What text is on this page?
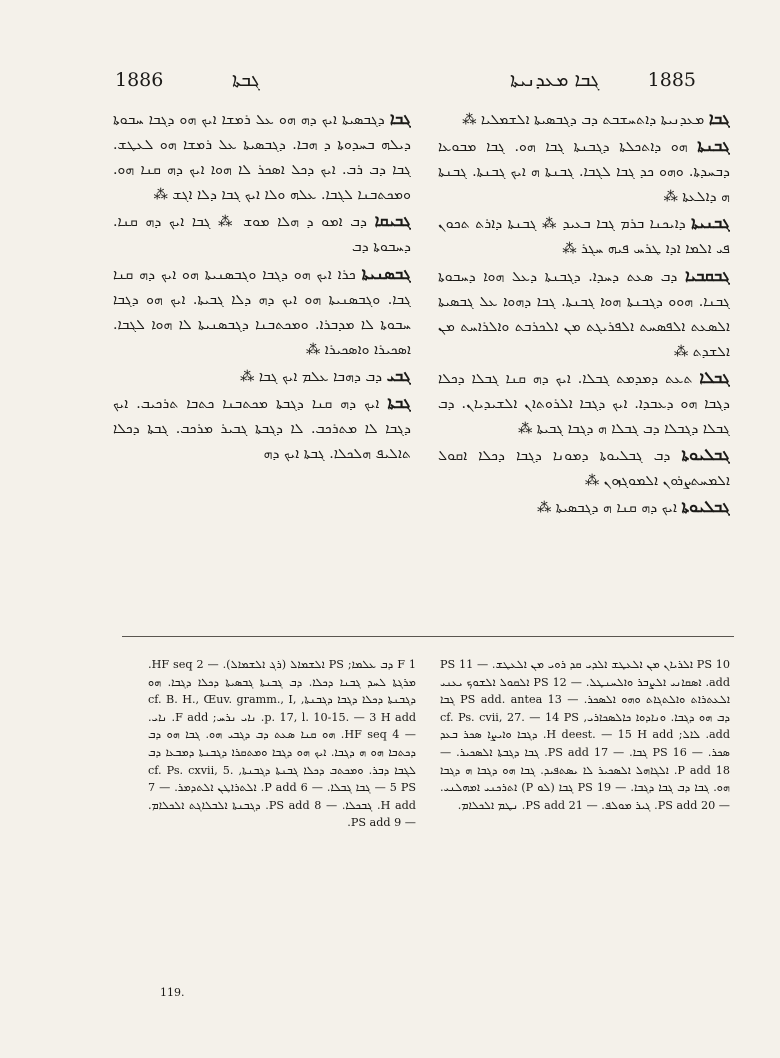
1886	ܓܒܬܐ	ܓܒܐ ܡܥܕܢܝܬܐ	1885

ܓܒܐ ܕܓܒܣܝܬܐ ܐܝܟ ܕܗ ܗܘ ܥܠ ܪܡܫܐ ܐܝܟ ܗܘ ܕܓܒܐ ܚܒܘܬܐ ܕܝܠܗ ܒܚܕܘܬܐ ܕ ܗܒܐ. ܕܓܒܣܝܬܐ ܥܠ ܪܡܫܐ ܗܘ ܠܥܛܫ. ܓܒܐ ܕܒ ܪܒ. ܐܝܟ ܕܟܠ ܐܣܟܪ ܠܐ ܗܘܐ ܐܝܟ ܕܗ ܩܢܐ ܗܘ. ܘܡܟܬܒܢܐ ܠܓܒܐ. ܥܠܗ ܘܠܐ ܐܝܟ ܓܒܐ ܕܠܐ ܐܓܫ ⁂

ܓܒܝܩܐ ܕܒ ܐܡܘ ܕ ܗܠܐ ܡܘܫ ⁂ ܓܒܐ ܐܝܟ ܕܗ ܩܢܐ. ܕܚܒܘܬܐ ܕܒ

ܓܒܣܢܝܬܐ ܟܪܐ ܐܝܟ ܗܘ ܕܓܒܐ ܘܓܒܣܢܝܬܐ ܗܘ ܐܝܟ ܕܗ ܩܢܐ ܓܒܐ. ܘܓܒܣܢܝܬܐ ܗܘ ܐܝܟ ܕܗ ܕܠܐ ܓܒܝܬܐ. ܐܝܟ ܗܘ ܕܓܒܐ ܚܒܘܬܐ ܠܐ ܡܕܒܪܐ. ܘܡܟܬܒܢܐ ܕܓܒܣܢܝܬܐ ܠܐ ܗܘܐ ܠܓܒܐ. ܐܣܟܝܪܐ ܘܐܣܟܝܪܐ ⁂

ܓܒܝ ܕܒ ܕܗܒܐ ܥܠܡ ܐܝܟ ܓܒܐ ⁂

ܓܒܬܐ ܐܝܟ ܕܗ ܩܢܐ ܕܓܒܬܐ ܡܟܬܒܢܐ ܟܬܒܐ ܬܪܟܝܒ. ܐܝܟ ܕܓܒܐ ܠܐ ܡܬܪܟܒ. ܠܐ ܕܓܒܬܐ ܓܒܝܪ ܡܪܟܒ. ܓܒܬܐ ܕܟܠܐ ܬܐܠܝܦ ܗܠܟܠܐ. ܓܒܬܐ ܐܝܟ ܕܗ

ܓܒܐ ܡܥܕܢܝܬܐ ܕܐܬܚܫܒܬ ܕܒ ܕܓܒܣܝܬܐ ܐܠܫܡܠܝܐ ⁂

ܓܒܢܬܐ ܗܘ ܕܐܬܟܠܬܐ ܕܓܒܢܬܐ ܓܒܐ ܗܘ. ܓܒܐ ܡܒܘܥܐ ܕܒܚܕܬܐ. ܘܗܘ ܟܕ ܓܒܐ ܠܓܒܐ. ܓܒܢܬܐ ܗ ܐܝܟ ܓܒܢܬܐ. ܓܒܢܬܐ ܗ ܕܐܠܥܬܐ ⁂

ܓܒܢܝܬܐ ܕܐܝܟܢܐ ܒܪܡ ܓܒܐ ܒܥܝܕ ⁂ ܓܒܢܬܐ ܕܐܪܬ ܬܟܘܢ ܦܝ ܐܠܡܐ ܐܕܐ ܛܪܚ ܦܝܗ ܚܓܪ ⁂

ܓܒܩܒܝܐ ܕܒ ܣܥܬ ܕܚܕܐ. ܕܓܒܢܬܐ ܕܥܠ ܗܘܐ ܕܚܒܘܬܐ ܓܒܢܐ. ܗܘܘ ܕܓܒܢܬܐ ܗܘܐ ܓܒܢܬܐ. ܓܒܐ ܕܗܘܐ ܥܠ ܓܒܣܝܬܐ ܐܠܣܥܬ ܐܠܦܣܚܬ ܐܠܦܪܝܓܬ ܡܢ ܐܠܟܪܒܬ ܘܐܠܪܐܚܬ ܡܢ ܐܠܫܕܬ ⁂

ܓܒܠܐ ܬܥܬ ܕܡܕܡܬ ܓܒܠܐ. ܐܝܟ ܕܗ ܩܢܐ ܓܒܠܐ ܕܟܠܐ ܕܓܒܐ ܗܘ ܕܥܒܕܐ. ܐܝܟ ܕܓܒܐ ܐܠܪܘܬܐܢ ܐܠܫܝܕܝܐܢ. ܕܒ ܓܒܠܐ ܕܓܒܠܐ ܕܒ ܓܒܠܐ ܗ ܕܓܒܐ ܓܒܝܬܐ ⁂

ܓܒܠܝܘܬܐ ܕܒ ܓܒܠܝܘܬܐ ܕܡܘܢܐ ܕܓܒܐ ܕܟܠܐ ܐܩܘܠ ܐܠܡܚܬܨܪܘܢ ܐܠܡܘܓܙܘܢ ⁂

ܓܒܠܝܘܬܐ ܐܝܟ ܕܗ ܩܢܐ ܗ ܕܓܒܣܝܬܐ ⁂

1 F ܕܒ ܥܠܡܐ; PS ܐܠܫܡܐܠ (ܪܓ ܐܠܫܡܐܠ). — 2 HF seq. ܡܪܓܬܐ ܠܚܕ ܓܒܢܐ ܕܟܠܐ. ܕܒ ܓܒܢܬܐ ܓܒܣܝܬܐ ܕܟܠܐ ܕܓܒܐ. ܗܘ ܕܓܒܢܬܐ ܕܟܠܐ ܕܓܒܐ ܕܓܒܢܬܐ, cf. B. H., Œuv. gramm., I, p. 17, l. 10-15. — 3 H add. ܢܐܝ ܢܪܚ; F add. ܢܐܝ. — 4 HF seq. ܗܘ ܩܢܐ ܣܥܬ ܕܒ ܕܓܒܝ ܗܘ. ܓܒܐ ܗܘ ܕܒ ܕܟܬܒܐ ܗܘ ܗ ܕܓܒܐ. ܐܝܟ ܗܘ ܕܓܒܐ ܘܡܬܩܪܐ ܕܓܒܢܬܐ ܕܡܒܥܐ ܕܒ ܠܓܒܐ ܕܒܪ. ܘܡܟܬܒ ܕܟܠܐ ܓܒܢܬܐ ܕܓܒܢܬܐ, cf. Ps. cxvii, 5. — 5 PS ܓܒܐ ܓܒܠܐ. — 6 P add. ܐܠܬܪܐܛܢ ܐܠܬܕܡܪ. — 7 H add. ܓܒܟܠܐ. — 8 PS add. ܕܓܒܢܬܐ ܐܠܒܠܐܓܬ ܐܠܟܠܐܡ. — 9 PS add.
10 PS ܐܠܪܝܐܢ ܡܢ ܐܠܥܛܫ ܐܠܕܝ ܩܕ ܪܘܝ ܡܢ ܐܠܥܛܫ. — 11 PS add. ܐܣܩܐܢܝ ܐܠܨܒܪ ܘܐܠܚܢܛܠ. — 12 PS ܐܠܩܘܠ ܐܠܫܘܟ ܝܥܢܝ ܐܠܥܬܪܐܬ ܘܐܠܬܓܐܬ ܘܗܘ ܐܠܣܟܪ. — 13 PS add. antea ܓܒܐ ܕܒ ܗܘ ܕܓܒܐ. ܘܢܐܕܘܐ ܟܐܠܣܟܐܪܝ, cf. Ps. cvii, 27. — 14 PS add. ܠܐܠ; H deest. — 15 H add. ܕܓܒܐ ܘܐܝܨܐ ܣܟܪ ܒܥܕ ܣܟܪ. — 16 PS ܓܒܐ. — 17 PS add. ܓܒܐ ܕܓܒܬܐ ܐܠܣܟܝܪ. — 18 P add. ܐܠܓܐܗܠ ܐܠܣܟܝܪ ܠܐ ܝܣܬܦܝܕ. ܓܒܐ ܗܘ ܕܓܒܐ ܗ ܕܓܒܐ ܗܘ. ܓܒܐ ܕܒ ܓܒܐ ܕܓܒܐ. — 19 PS ܓܒܐ (ܠܘ P) ܐܬܪܟܢܝ ܐܡܗܠܢܝ. — 20 PS add. ܓܝܪ ܡܘܠܦ. — 21 PS add. ܢܛܡ ܐܠܟܠܐܡ.
119.
